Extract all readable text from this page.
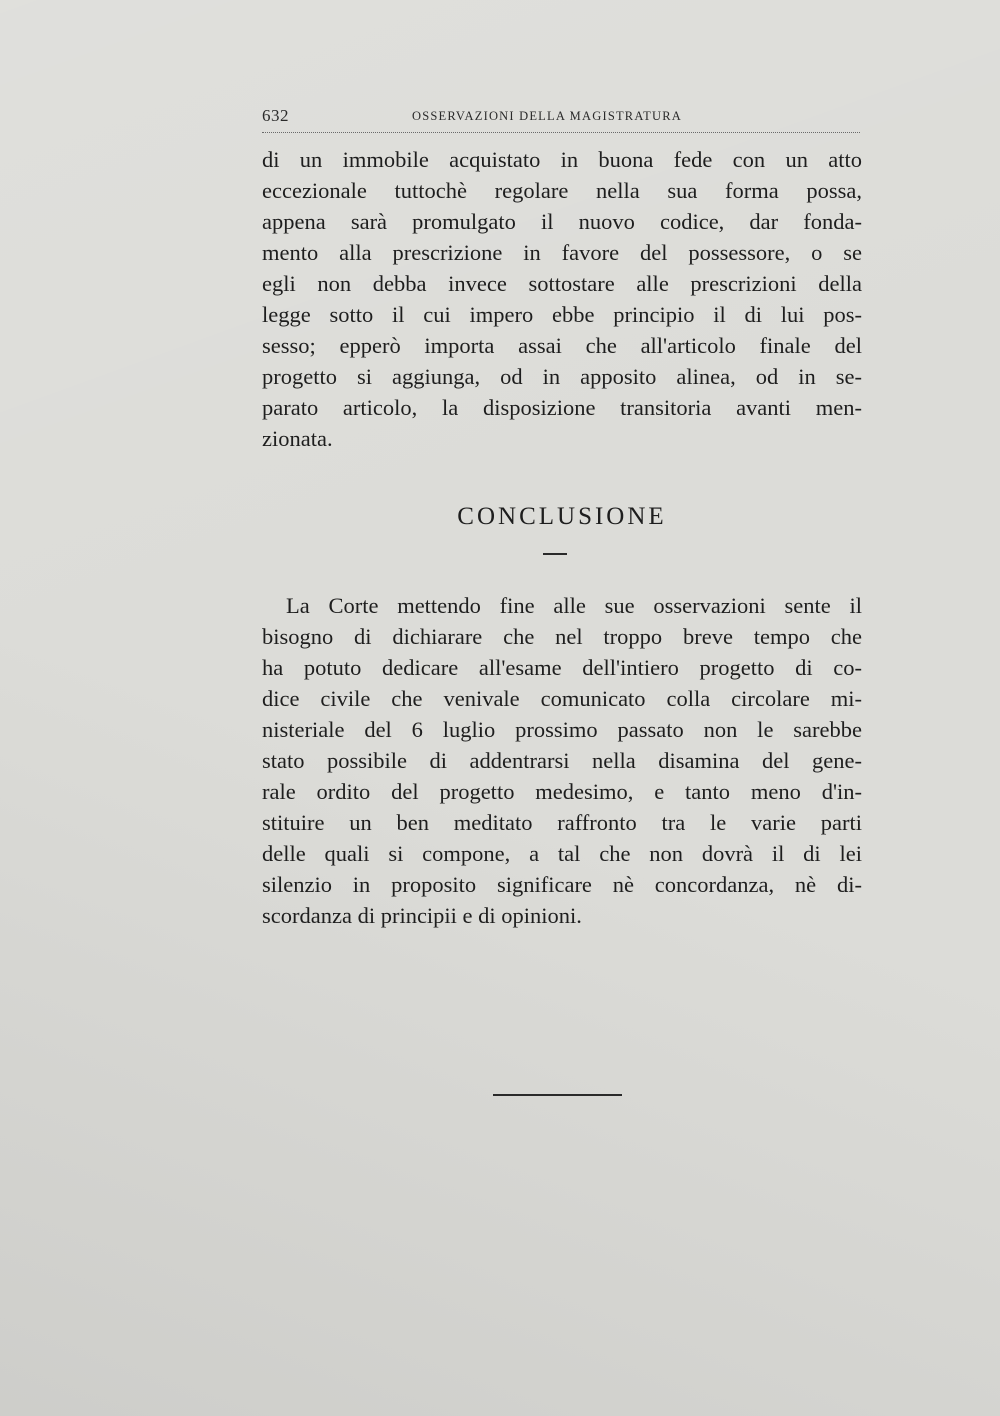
632	OSSERVAZIONI DELLA MAGISTRATURA
di un immobile acquistato in buona fede con un atto
eccezionale tuttochè regolare nella sua forma possa,
appena sarà promulgato il nuovo codice, dar fonda-
mento alla prescrizione in favore del possessore, o se
egli non debba invece sottostare alle prescrizioni della
legge sotto il cui impero ebbe principio il di lui pos-
sesso; epperò importa assai che all'articolo finale del
progetto si aggiunga, od in apposito alinea, od in se-
parato articolo, la disposizione transitoria avanti men-
zionata.
CONCLUSIONE
La Corte mettendo fine alle sue osservazioni sente il
bisogno di dichiarare che nel troppo breve tempo che
ha potuto dedicare all'esame dell'intiero progetto di co-
dice civile che venivale comunicato colla circolare mi-
nisteriale del 6 luglio prossimo passato non le sarebbe
stato possibile di addentrarsi nella disamina del gene-
rale ordito del progetto medesimo, e tanto meno d'in-
stituire un ben meditato raffronto tra le varie parti
delle quali si compone, a tal che non dovrà il di lei
silenzio in proposito significare nè concordanza, nè di-
scordanza di principii e di opinioni.
